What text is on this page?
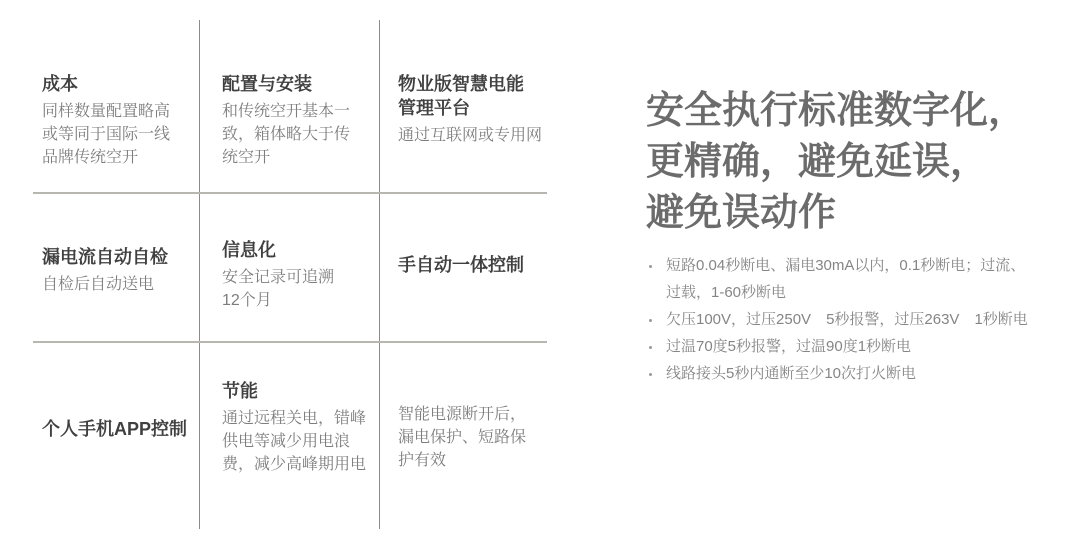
成本
同样数量配置略高
或等同于国际一线
品牌传统空开
配置与安装
和传统空开基本一
致，箱体略大于传
统空开
物业版智慧电能
管理平台
通过互联网或专用网
漏电流自动自检
自检后自动送电
信息化
安全记录可追溯
12个月
手自动一体控制
个人手机APP控制
节能
通过远程关电，错峰
供电等减少用电浪
费，减少高峰期用电
智能电源断开后，
漏电保护、短路保
护有效
安全执行标准数字化，
更精确，避免延误，
避免误动作
短路0.04秒断电、漏电30mA以内，0.1秒断电；过流、
过载，1-60秒断电
欠压100V，过压250V　5秒报警，过压263V　1秒断电
过温70度5秒报警，过温90度1秒断电
线路接头5秒内通断至少10次打火断电
